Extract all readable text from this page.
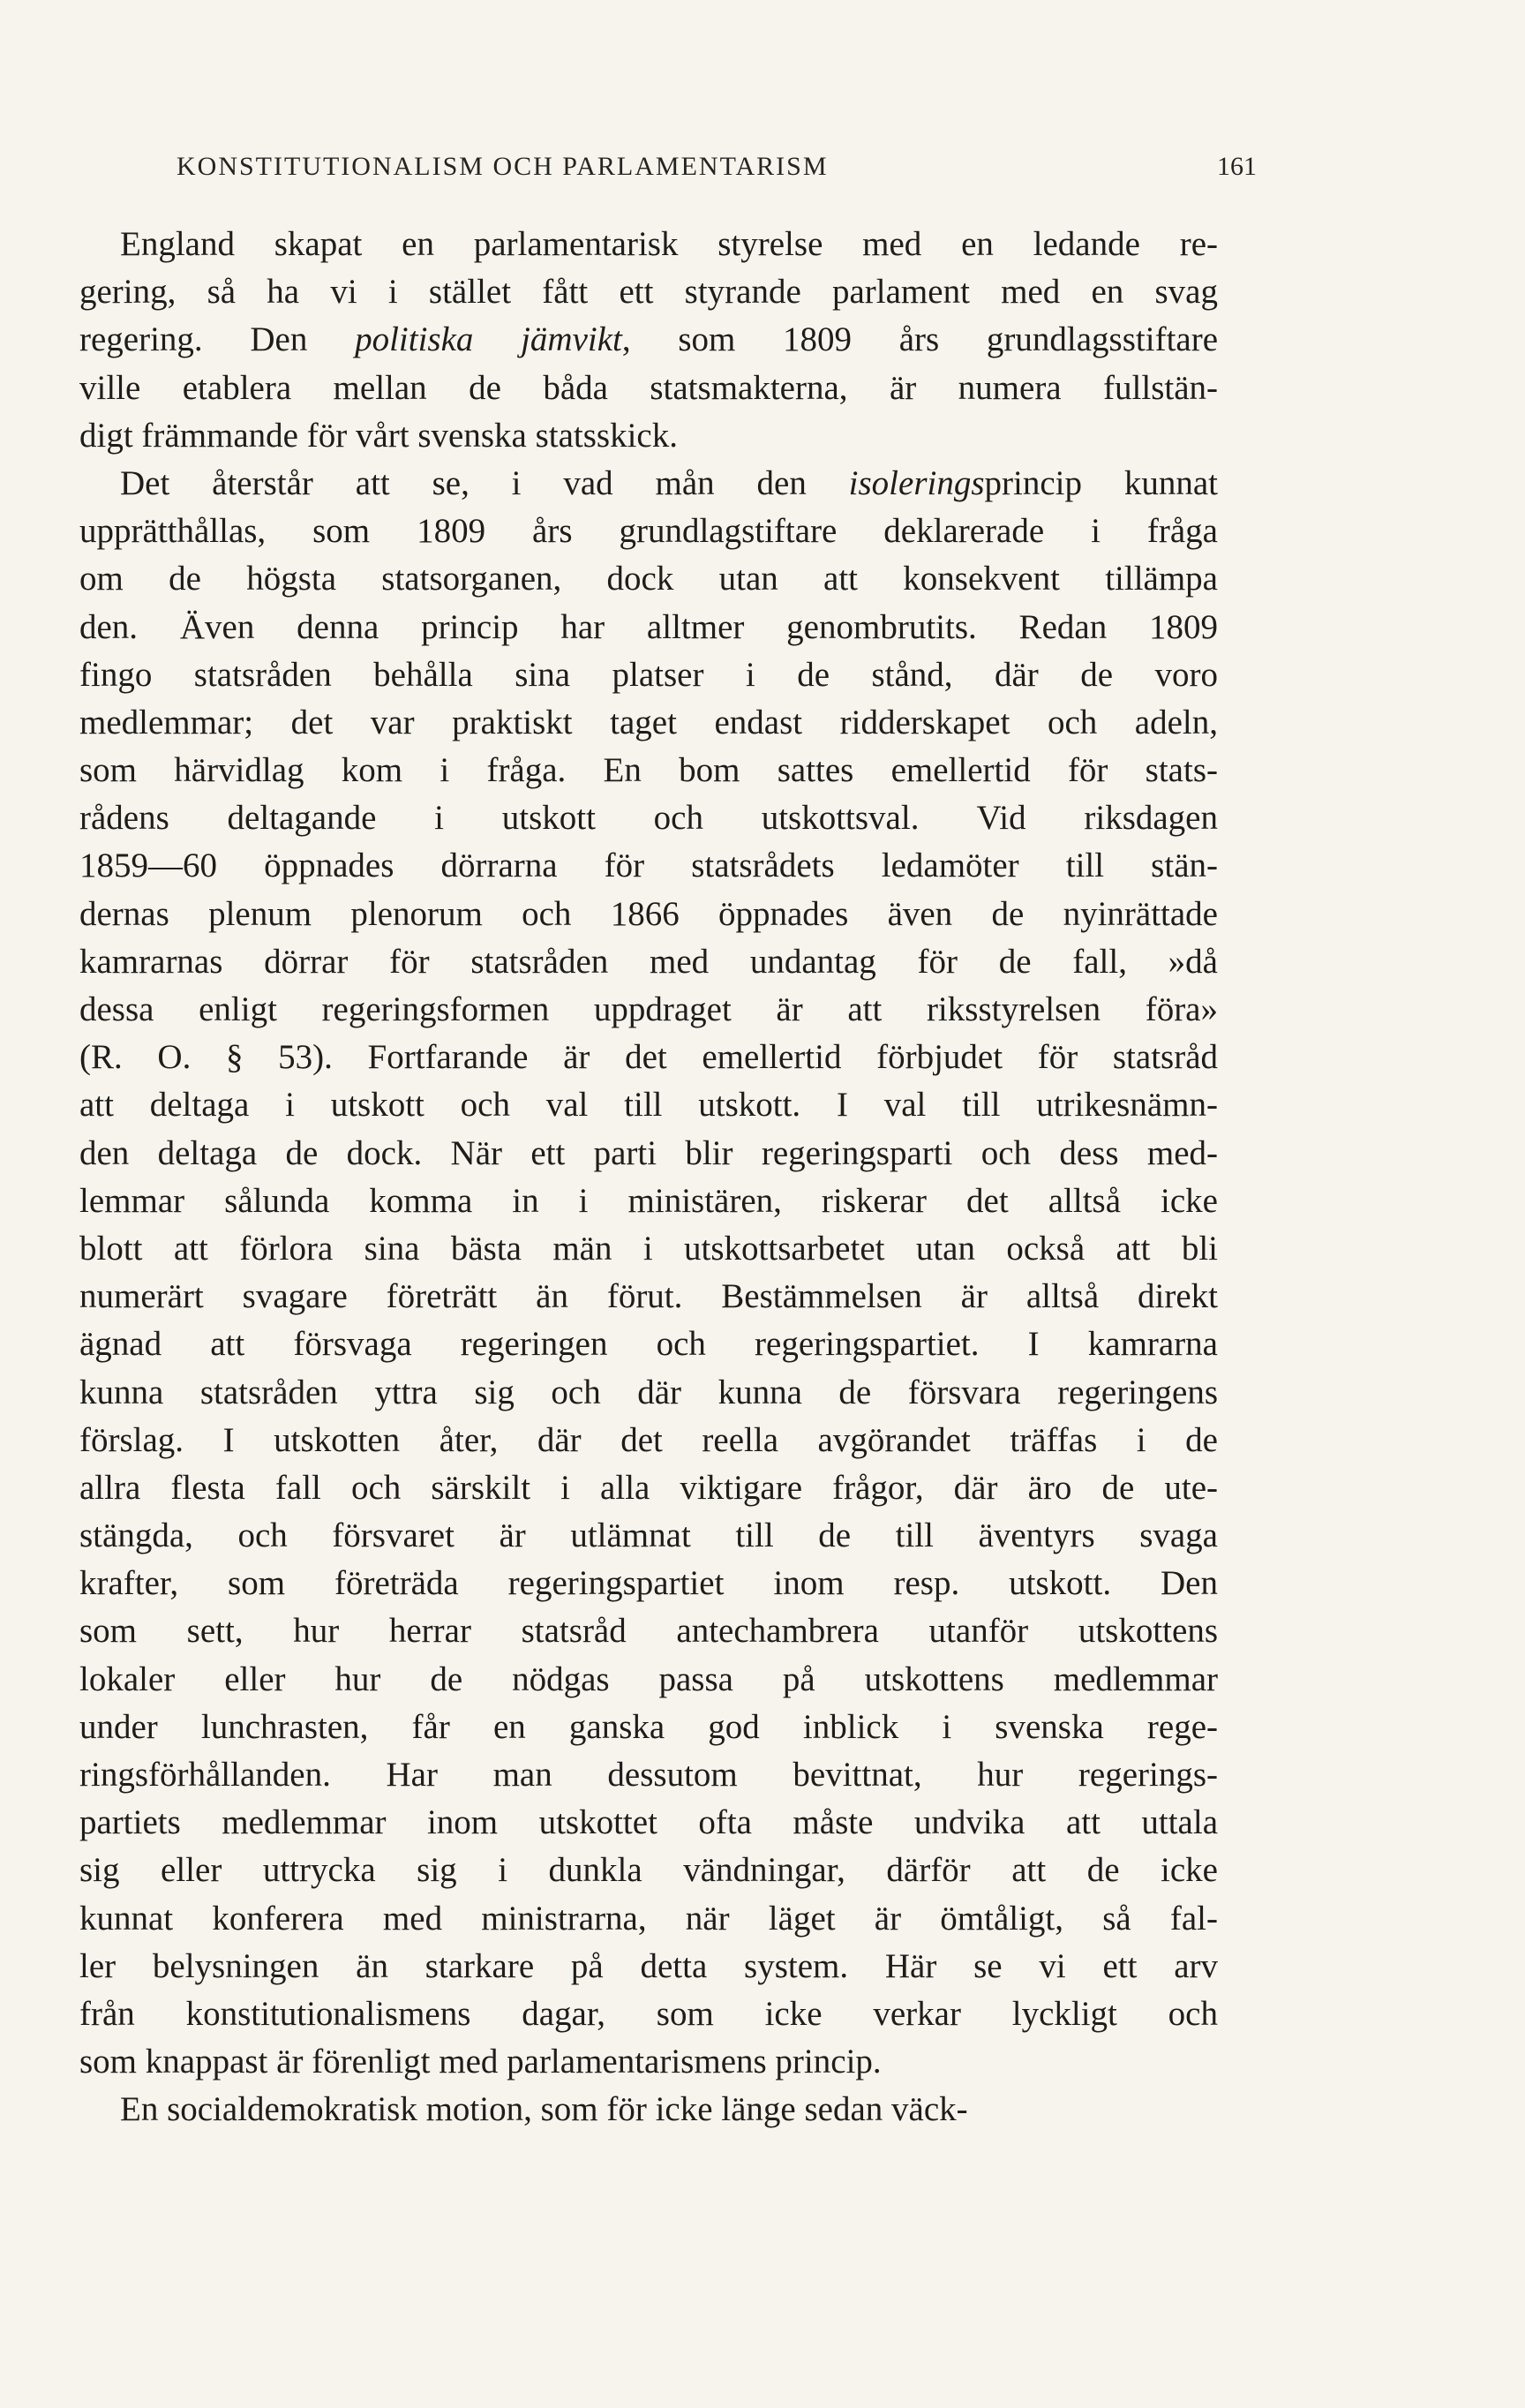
KONSTITUTIONALISM OCH PARLAMENTARISM	161
England skapat en parlamentarisk styrelse med en ledande re-
gering, så ha vi i stället fått ett styrande parlament med en svag
regering. Den politiska jämvikt, som 1809 års grundlagsstiftare
ville etablera mellan de båda statsmakterna, är numera fullstän-
digt främmande för vårt svenska statsskick.
Det återstår att se, i vad mån den isoleringsprincip kunnat
upprätthållas, som 1809 års grundlagstiftare deklarerade i fråga
om de högsta statsorganen, dock utan att konsekvent tillämpa
den. Även denna princip har alltmer genombrutits. Redan 1809
fingo statsråden behålla sina platser i de stånd, där de voro
medlemmar; det var praktiskt taget endast ridderskapet och adeln,
som härvidlag kom i fråga. En bom sattes emellertid för stats-
rådens deltagande i utskott och utskottsval. Vid riksdagen
1859—60 öppnades dörrarna för statsrådets ledamöter till stän-
dernas plenum plenorum och 1866 öppnades även de nyinrättade
kamrarnas dörrar för statsråden med undantag för de fall, »då
dessa enligt regeringsformen uppdraget är att riksstyrelsen föra»
(R. O. § 53). Fortfarande är det emellertid förbjudet för statsråd
att deltaga i utskott och val till utskott. I val till utrikesnämn-
den deltaga de dock. När ett parti blir regeringsparti och dess med-
lemmar sålunda komma in i ministären, riskerar det alltså icke
blott att förlora sina bästa män i utskottsarbetet utan också att bli
numerärt svagare företrätt än förut. Bestämmelsen är alltså direkt
ägnad att försvaga regeringen och regeringspartiet. I kamrarna
kunna statsråden yttra sig och där kunna de försvara regeringens
förslag. I utskotten åter, där det reella avgörandet träffas i de
allra flesta fall och särskilt i alla viktigare frågor, där äro de ute-
stängda, och försvaret är utlämnat till de till äventyrs svaga
krafter, som företräda regeringspartiet inom resp. utskott. Den
som sett, hur herrar statsråd antechambrera utanför utskottens
lokaler eller hur de nödgas passa på utskottens medlemmar
under lunchrasten, får en ganska god inblick i svenska rege-
ringsförhållanden. Har man dessutom bevittnat, hur regerings-
partiets medlemmar inom utskottet ofta måste undvika att uttala
sig eller uttrycka sig i dunkla vändningar, därför att de icke
kunnat konferera med ministrarna, när läget är ömtåligt, så fal-
ler belysningen än starkare på detta system. Här se vi ett arv
från konstitutionalismens dagar, som icke verkar lyckligt och
som knappast är förenligt med parlamentarismens princip.
En socialdemokratisk motion, som för icke länge sedan väck-
